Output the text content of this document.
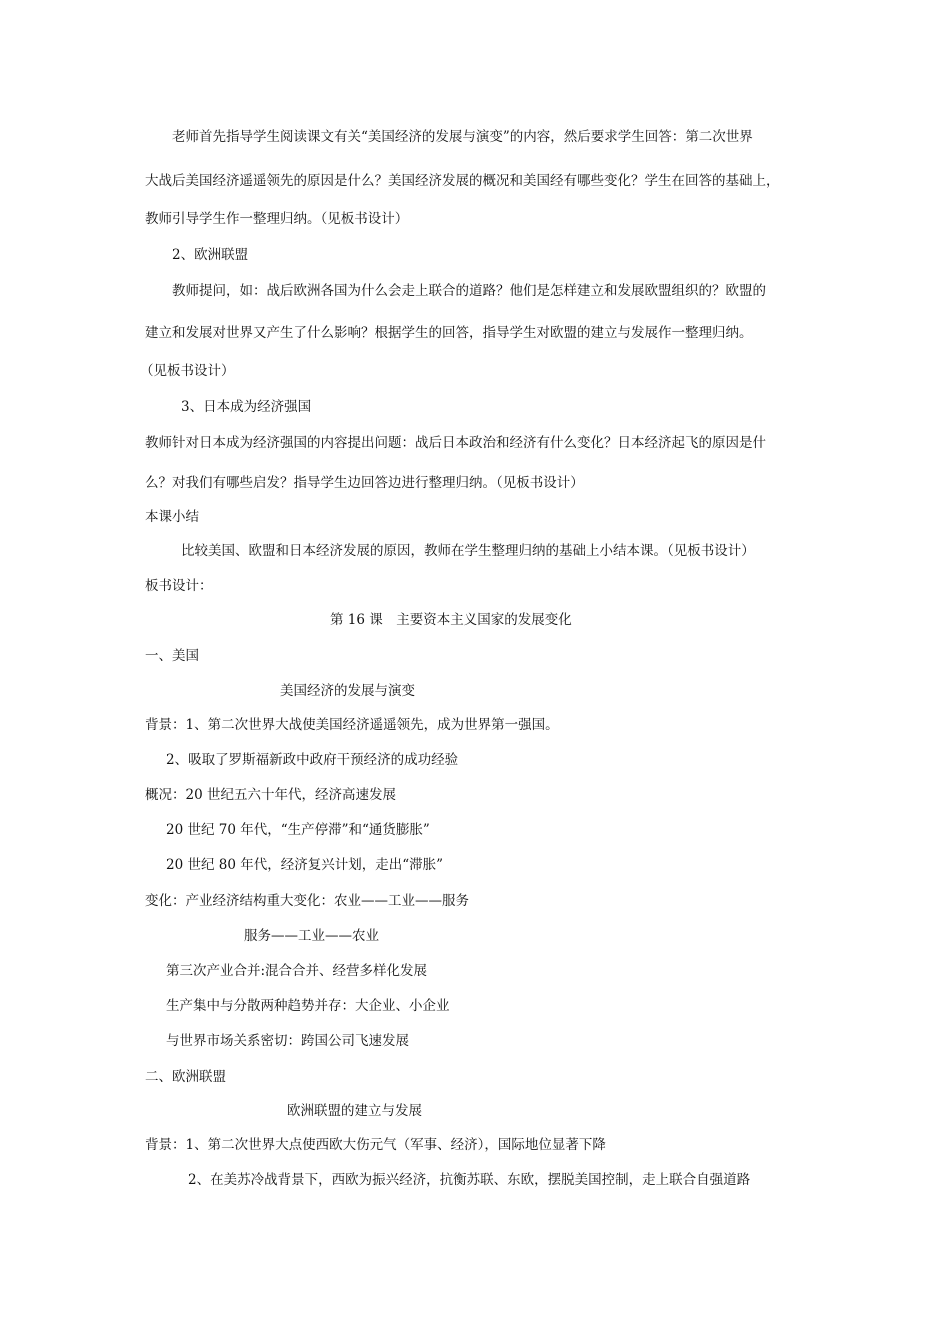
老师首先指导学生阅读课文有关“美国经济的发展与演变”的内容，然后要求学生回答：第二次世界
大战后美国经济遥遥领先的原因是什么？美国经济发展的概况和美国经有哪些变化？学生在回答的基础上，
教师引导学生作一整理归纳。（见板书设计）
2、欧洲联盟
教师提问，如：战后欧洲各国为什么会走上联合的道路？他们是怎样建立和发展欧盟组织的？欧盟的
建立和发展对世界又产生了什么影响？根据学生的回答，指导学生对欧盟的建立与发展作一整理归纳。
（见板书设计）
3、日本成为经济强国
教师针对日本成为经济强国的内容提出问题：战后日本政治和经济有什么变化？日本经济起飞的原因是什
么？对我们有哪些启发？指导学生边回答边进行整理归纳。（见板书设计）
本课小结
比较美国、欧盟和日本经济发展的原因，教师在学生整理归纳的基础上小结本课。（见板书设计）
板书设计：
第 16 课　主要资本主义国家的发展变化
一、美国
美国经济的发展与演变
背景：1、第二次世界大战使美国经济遥遥领先，成为世界第一强国。
2、吸取了罗斯福新政中政府干预经济的成功经验
概况：20 世纪五六十年代，经济高速发展
20 世纪 70 年代，“生产停滞”和“通货膨胀”
20 世纪 80 年代，经济复兴计划，走出“滞胀”
变化：产业经济结构重大变化：农业——工业——服务
服务——工业——农业
第三次产业合并:混合合并、经营多样化发展
生产集中与分散两种趋势并存：大企业、小企业
与世界市场关系密切：跨国公司飞速发展
二、欧洲联盟
欧洲联盟的建立与发展
背景：1、第二次世界大点使西欧大伤元气（军事、经济），国际地位显著下降
2、在美苏冷战背景下，西欧为振兴经济，抗衡苏联、东欧，摆脱美国控制，走上联合自强道路
